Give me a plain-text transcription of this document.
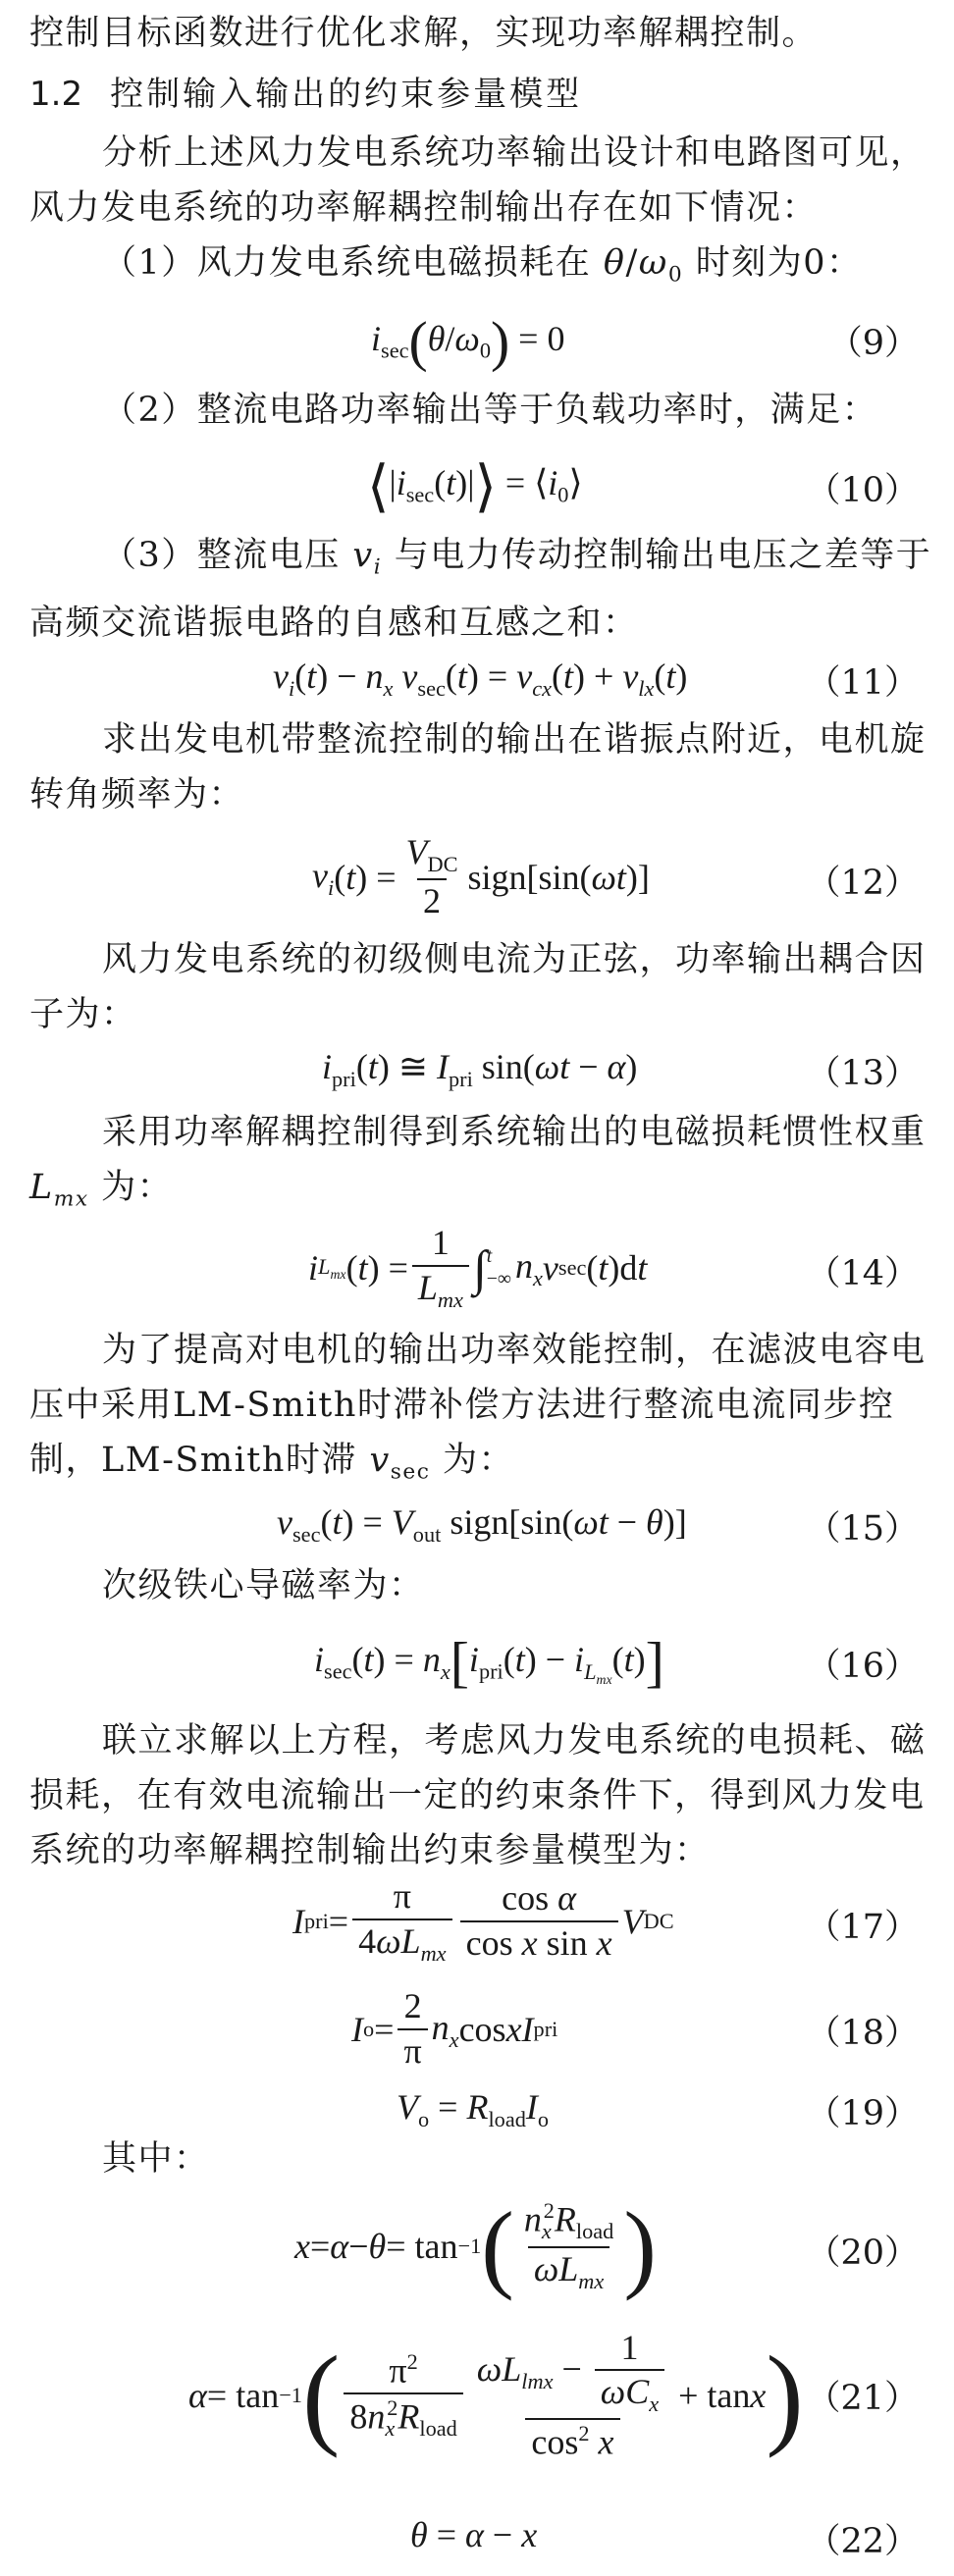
控制目标函数进行优化求解，实现功率解耦控制。

1.2 控制输入输出的约束参量模型

分析上述风力发电系统功率输出设计和电路图可见，风力发电系统的功率解耦控制输出存在如下情况：

（1）风力发电系统电磁损耗在 $\theta/\omega_0$ 时刻为0：

$i_{sec}(\theta/\omega_0) = 0$	（9）

（2）整流电路功率输出等于负载功率时，满足：

$⟨|i_{sec}(t)|⟩$ = $⟨i_0⟩$	（10）

（3）整流电压 $v_i$ 与电力传动控制输出电压之差等于高频交流谐振电路的自感和互感之和：

$v_i(t) - n_x$ $v_{sec}(t) = v_{cx}(t) + v_{lx}(t)$	（11）

求出发电机带整流控制的输出在谐振点附近，电机旋转角频率为：

$v_i$ ( t ) = $\frac{V_{DC}}{2}$ sign[sin( ωt )]	（12）

风力发电系统的初级侧电流为正弦，功率输出耦合因子为：

$i_{pri}(t)$ ≅ $I_{pri}$ sin(ωt − α)	（13）

采用功率解耦控制得到系统输出的电磁损耗惯性权重 $L_{mx}$ 为：

i $L_{mx}$ ( t ) = $\frac{1}{L_{mx}}$ ∫ t
−∞ $n_x$ v sec ( t )d t	（14）

为了提高对电机的输出功率效能控制，在滤波电容电压中采用LM-Smith时滞补偿方法进行整流电流同步控制，LM-Smith时滞 $v_{sec}$ 为：

$v_{sec}(t) = V_{out}$ sign[sin(ωt − θ)]	（15）

次级铁心导磁率为：

$i_{sec}(t) = n_x[i_{pri}(t) - i_{L_{mx}}(t)]$	（16）

联立求解以上方程，考虑风力发电系统的电损耗、磁损耗，在有效电流输出一定的约束条件下，得到风力发电系统的功率解耦控制输出约束参量模型为：

I pri = $\frac{\pi}{4\omega L_{mx}} \frac{\text{cos α}}{\text{cos x sin x}}$ V DC	（17）
I $o = \frac{2}{\pi} n_x$ cos xI pri	（18）
$V_o = R_{load}I_o$	（19）

其中：

x = α − θ = tan −1 ( $\frac{n_x^2R_{load}}{\omega L_{mx}}$ )	（20）
α = tan −1 ( $\frac{\pi^2}{8n_x^2R_{load}} \frac{\omega L_{lmx} - \frac{1}{\omega C_x}}{\cos^2 x} + \tan x$ ) （21）
θ = α − x	（22）
